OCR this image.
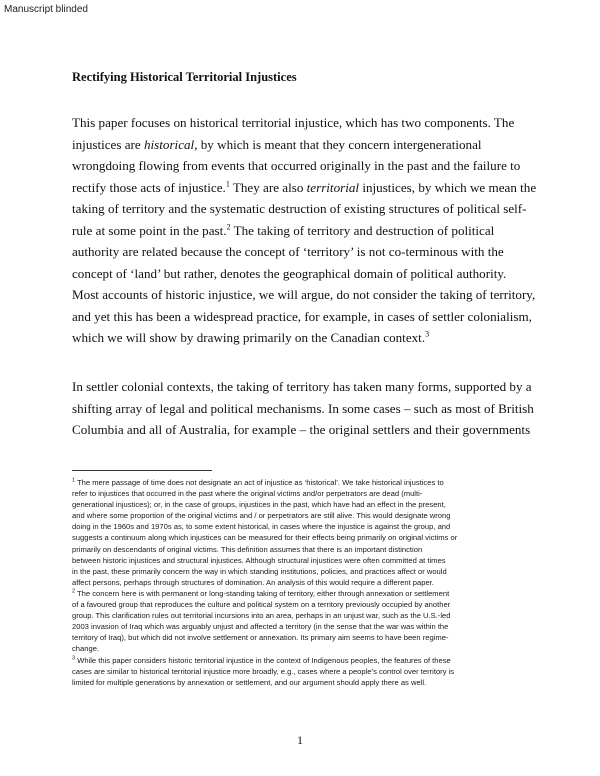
Manuscript blinded
Rectifying Historical Territorial Injustices
This paper focuses on historical territorial injustice, which has two components. The
injustices are historical, by which is meant that they concern intergenerational
wrongdoing flowing from events that occurred originally in the past and the failure to
rectify those acts of injustice.$^1$ They are also territorial injustices, by which we mean the
taking of territory and the systematic destruction of existing structures of political self-
rule at some point in the past.$^2$ The taking of territory and destruction of political
authority are related because the concept of ‘territory’ is not co-terminous with the
concept of ‘land’ but rather, denotes the geographical domain of political authority.
Most accounts of historic injustice, we will argue, do not consider the taking of territory,
and yet this has been a widespread practice, for example, in cases of settler colonialism,
which we will show by drawing primarily on the Canadian context.$^3$
In settler colonial contexts, the taking of territory has taken many forms, supported by a
shifting array of legal and political mechanisms. In some cases – such as most of British
Columbia and all of Australia, for example – the original settlers and their governments
$^1$ The mere passage of time does not designate an act of injustice as ‘historical’. We take historical injustices to
refer to injustices that occurred in the past where the original victims and/or perpetrators are dead (multi-
generational injustices); or, in the case of groups, injustices in the past, which have had an effect in the present,
and where some proportion of the original victims and / or perpetrators are still alive. This would designate wrong
doing in the 1960s and 1970s as, to some extent historical, in cases where the injustice is against the group, and
suggests a continuum along which injustices can be measured for their effects being primarily on original victims or
primarily on descendants of original victims. This definition assumes that there is an important distinction
between historic injustices and structural injustices. Although structural injustices were often committed at times
in the past, these primarily concern the way in which standing institutions, policies, and practices affect or would
affect persons, perhaps through structures of domination. An analysis of this would require a different paper.
$^2$ The concern here is with permanent or long-standing taking of territory, either through annexation or settlement
of a favoured group that reproduces the culture and political system on a territory previously occupied by another
group. This clarification rules out territorial incursions into an area, perhaps in an unjust war, such as the U.S.-led
2003 invasion of Iraq which was arguably unjust and affected a territory (in the sense that the war was within the
territory of Iraq), but which did not involve settlement or annexation. Its primary aim seems to have been regime-
change.
$^3$ While this paper considers historic territorial injustice in the context of Indigenous peoples, the features of these
cases are similar to historical territorial injustice more broadly, e.g., cases where a people’s control over territory is
limited for multiple generations by annexation or settlement, and our argument should apply there as well.
1
